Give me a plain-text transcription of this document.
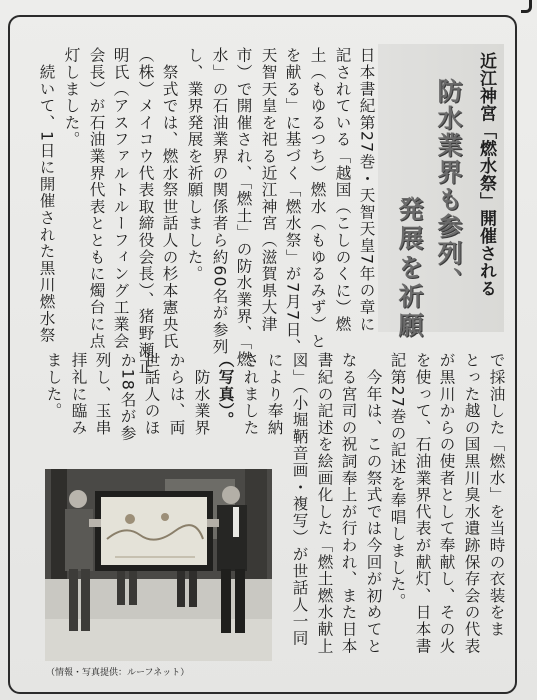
近江神宮「燃水祭」開催される
防水業界も参列、
発展を祈願
日本書紀第27巻・天智天皇7年の章に
記されている「越国（こしのくに）燃
土（もゆるつち）燃水（もゆるみず）と
を献る」に基づく「燃水祭」が7月7日、
天智天皇を祀る近江神宮（滋賀県大津
市）で開催され、「燃土」の防水業界、「燃
水」の石油業界の関係者ら約60名が参列
し、業界発展を祈願しました。
　祭式では、燃水祭世話人の杉本憲央氏
（株）メイコウ代表取締役会長）、猪野瀬正
明氏（アスファルトルーフィング工業会
会長）が石油業界代表とともに燭台に点
灯しました。
　続いて、1日に開催された黒川燃水祭
で採油した「燃水」を当時の衣装をま
とった越の国黒川臭水遺跡保存会の代表
が黒川からの使者として奉献し、その火
を使って、石油業界代表が献灯、日本書
記第27巻の記述を奉唱しました。
　今年は、この祭式では今回が初めてと
なる宮司の祝詞奉上が行われ、また日本
書紀の記述を絵画化した「燃土燃水献上
図」（小堀鞆音画・複写）が世話人一同
により奉納
されました
（写真）。
　防水業界
からは、両
世話人のほ
か18名が参
列し、玉串
拝礼に臨み
ました。
（情報・写真提供：ルーフネット）
